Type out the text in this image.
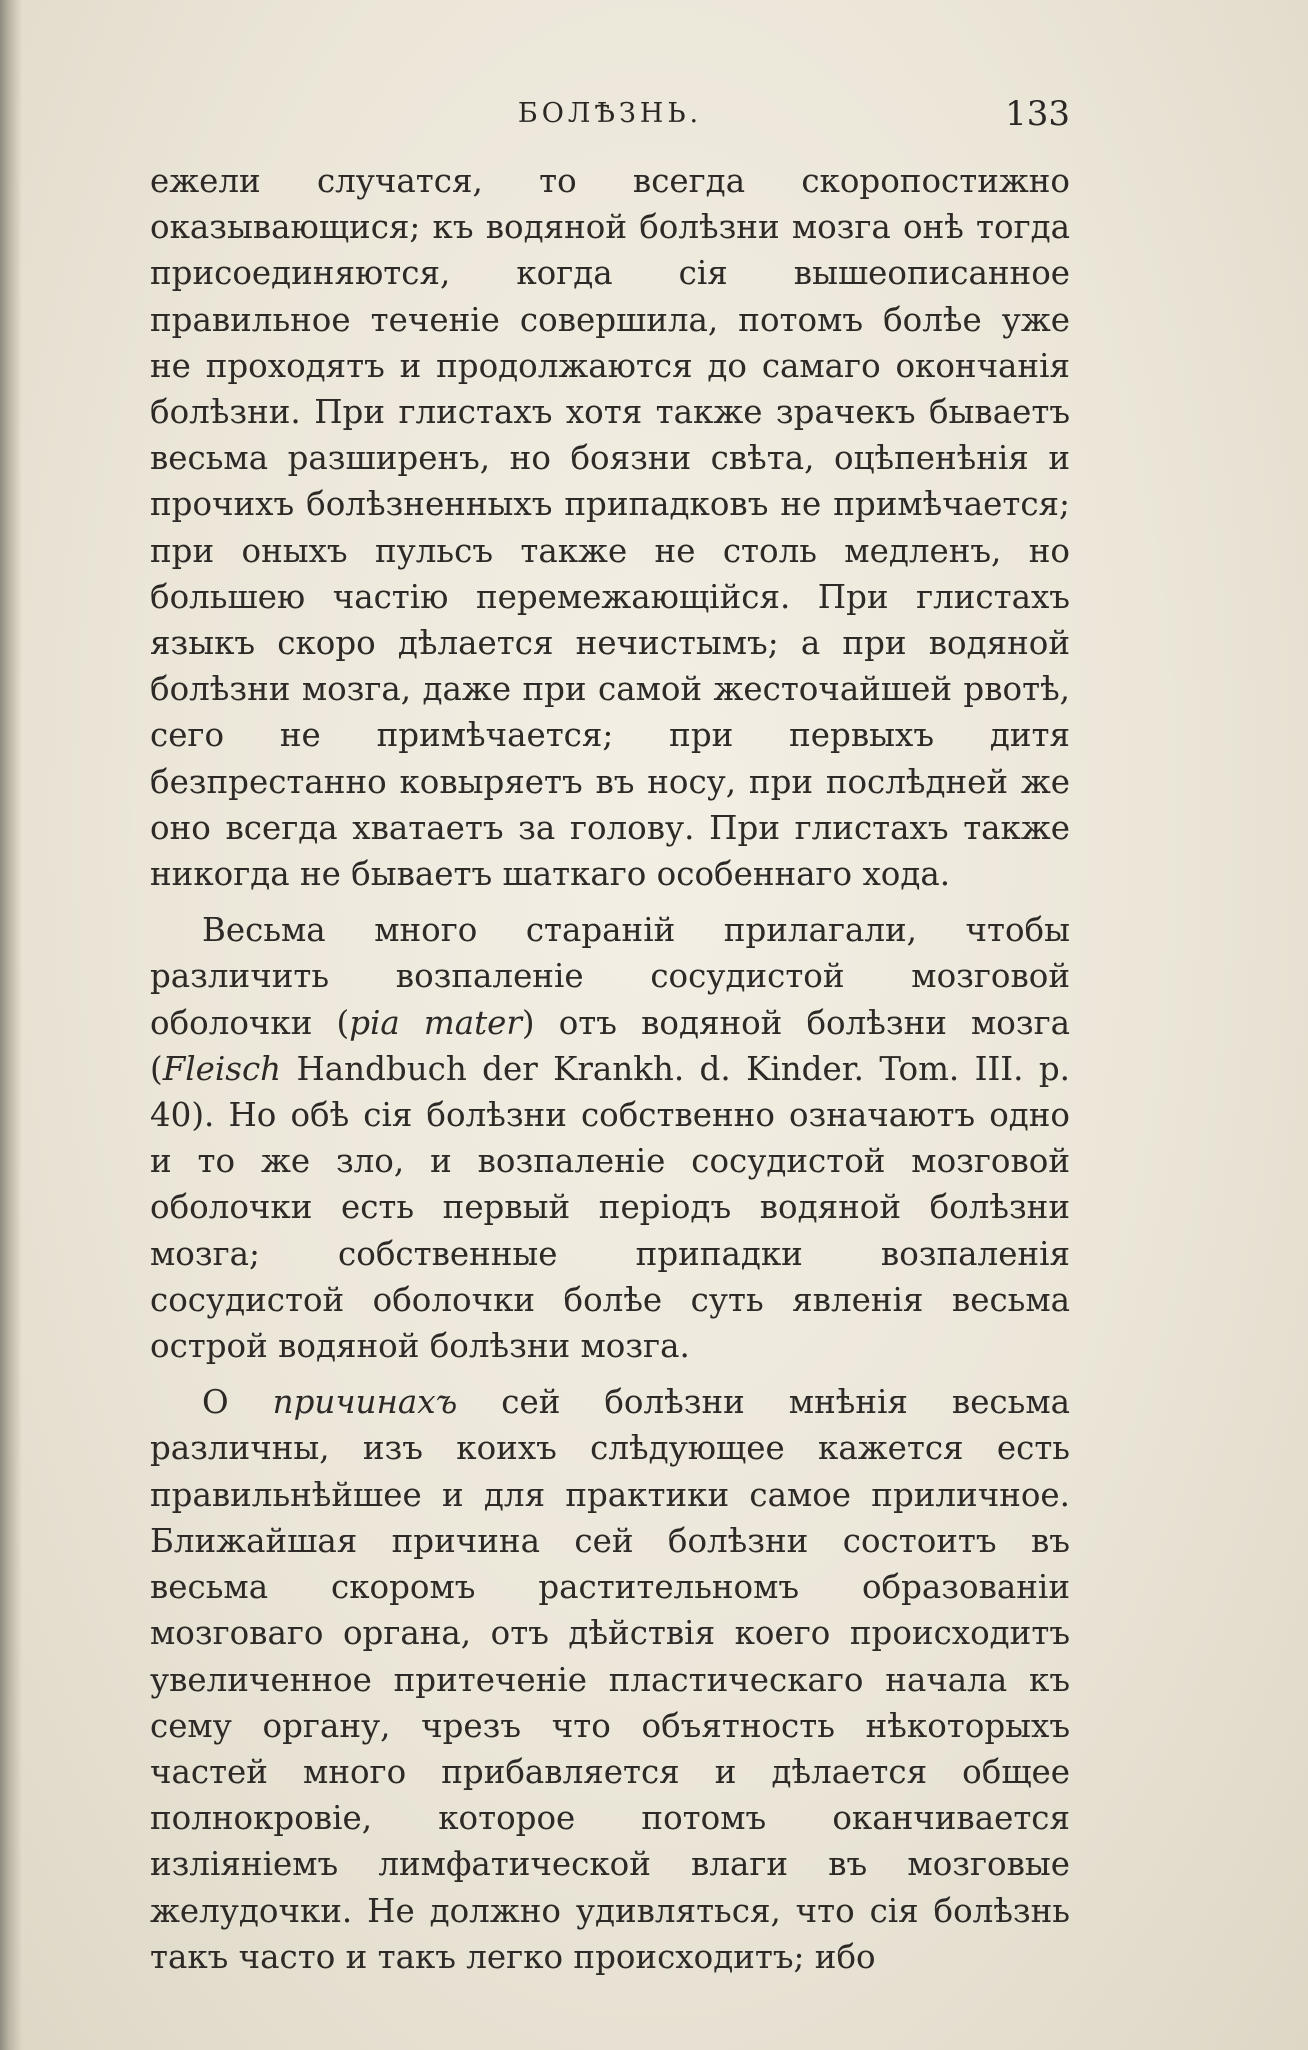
БОЛѢЗНЬ.	133

ежели случатся, то всегда скоропостижно оказывающися; къ водяной болѣзни мозга онѣ тогда присоединяются, когда сія вышеописанное правильное теченіе совершила, потомъ болѣе уже не проходятъ и продолжаются до самаго окончанія болѣзни. При глистахъ хотя также зрачекъ бываетъ весьма разширенъ, но боязни свѣта, оцѣпенѣнія и прочихъ болѣзненныхъ припадковъ не примѣчается; при оныхъ пульсъ также не столь медленъ, но большею частію перемежающійся. При глистахъ языкъ скоро дѣлается нечистымъ; а при водяной болѣзни мозга, даже при самой жесточайшей рвотѣ, сего не примѣчается; при первыхъ дитя безпрестанно ковыряетъ въ носу, при послѣдней же оно всегда хватаетъ за голову. При глистахъ также никогда не бываетъ шаткаго особеннаго хода.

Весьма много стараній прилагали, чтобы различить возпаленіе сосудистой мозговой оболочки (pia mater) отъ водяной болѣзни мозга (Fleisch Handbuch der Krankh. d. Kinder. Tom. III. p. 40). Но обѣ сія болѣзни собственно означаютъ одно и то же зло, и возпаленіе сосудистой мозговой оболочки есть первый періодъ водяной болѣзни мозга; собственные припадки возпаленія сосудистой оболочки болѣе суть явленія весьма острой водяной болѣзни мозга.

О причинахъ сей болѣзни мнѣнія весьма различны, изъ коихъ слѣдующее кажется есть правильнѣйшее и для практики самое приличное. Ближайшая причина сей болѣзни состоитъ въ весьма скоромъ растительномъ образованіи мозговаго органа, отъ дѣйствія коего происходитъ увеличенное притеченіе пластическаго начала къ сему органу, чрезъ что объятность нѣкоторыхъ частей много прибавляется и дѣлается общее полнокровіе, которое потомъ оканчивается изліяніемъ лимфатической влаги въ мозговые желудочки. Не должно удивляться, что сія болѣзнь такъ часто и такъ легко происходитъ; ибо
